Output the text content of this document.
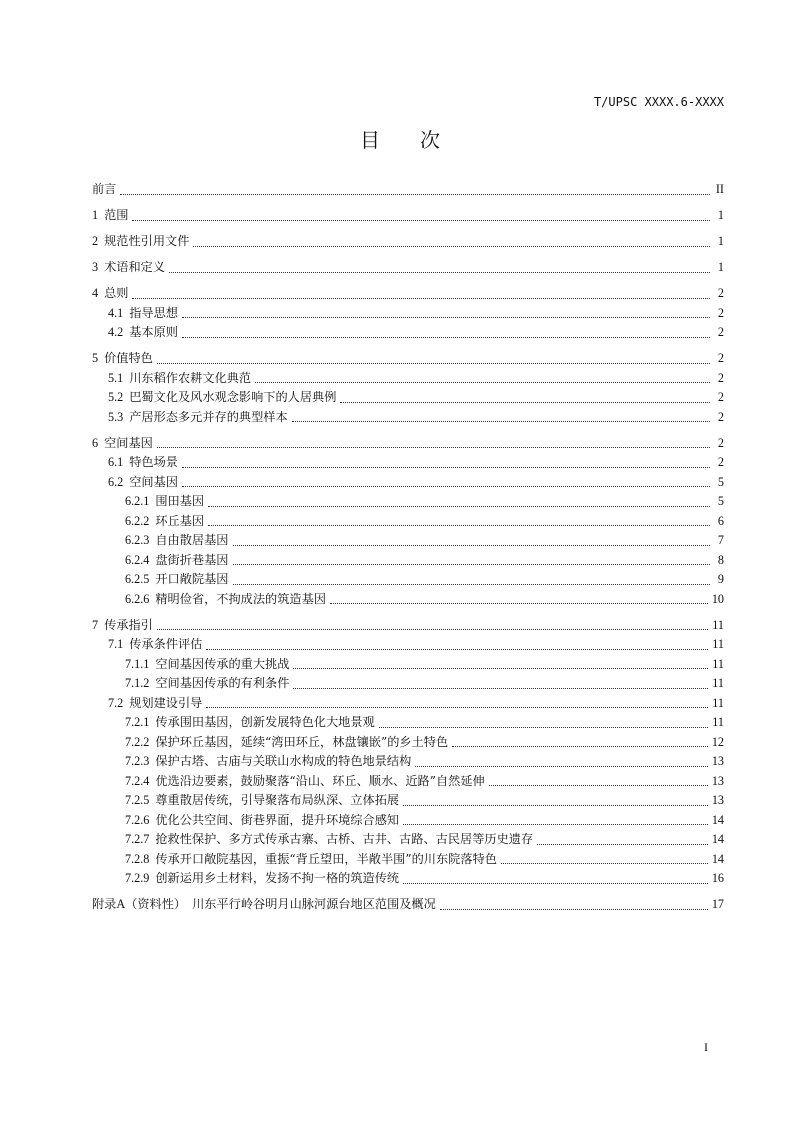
T/UPSC XXXX.6-XXXX
目 次
前言	II
1 范围	1
2 规范性引用文件	1
3 术语和定义	1
4 总则	2
4.1 指导思想	2
4.2 基本原则	2
5 价值特色	2
5.1 川东稻作农耕文化典范	2
5.2 巴蜀文化及风水观念影响下的人居典例	2
5.3 产居形态多元并存的典型样本	2
6 空间基因	2
6.1 特色场景	2
6.2 空间基因	5
6.2.1 围田基因	5
6.2.2 环丘基因	6
6.2.3 自由散居基因	7
6.2.4 盘街折巷基因	8
6.2.5 开口敞院基因	9
6.2.6 精明俭省，不拘成法的筑造基因	10
7 传承指引	11
7.1 传承条件评估	11
7.1.1 空间基因传承的重大挑战	11
7.1.2 空间基因传承的有利条件	11
7.2 规划建设引导	11
7.2.1 传承围田基因，创新发展特色化大地景观	11
7.2.2 保护环丘基因，延续“湾田环丘，林盘镶嵌”的乡土特色	12
7.2.3 保护古塔、古庙与关联山水构成的特色地景结构	13
7.2.4 优选沿边要素，鼓励聚落“沿山、环丘、顺水、近路”自然延伸	13
7.2.5 尊重散居传统，引导聚落布局纵深、立体拓展	13
7.2.6 优化公共空间、街巷界面，提升环境综合感知	14
7.2.7 抢救性保护、多方式传承古寨、古桥、古井、古路、古民居等历史遗存	14
7.2.8 传承开口敞院基因，重振“背丘望田，半敞半围”的川东院落特色	14
7.2.9 创新运用乡土材料，发扬不拘一格的筑造传统	16
附录A（资料性） 川东平行岭谷明月山脉河源台地区范围及概况	17
I
